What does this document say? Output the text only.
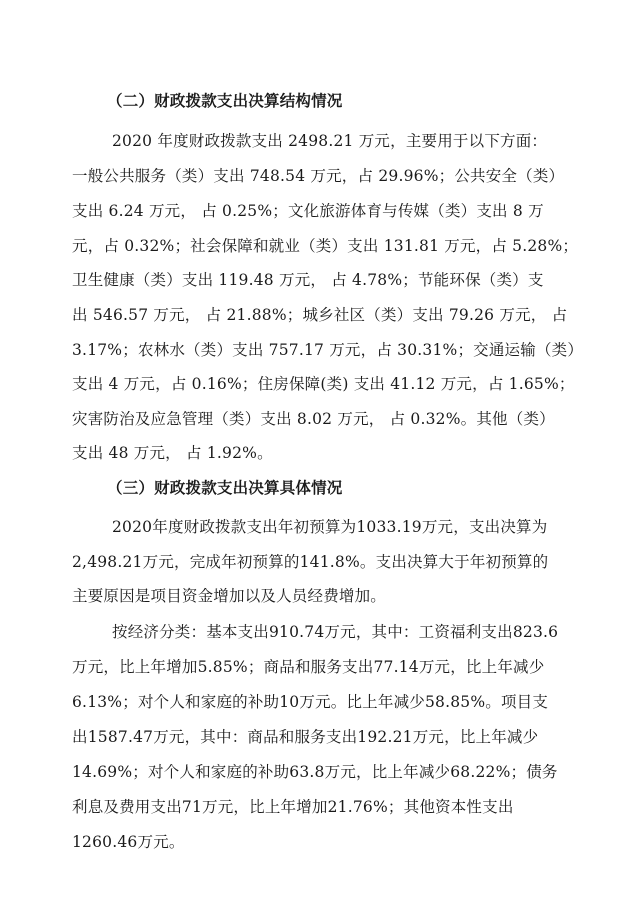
（二）财政拨款支出决算结构情况
2020 年度财政拨款支出 2498.21 万元，主要用于以下方面：
一般公共服务（类）支出 748.54 万元，占 29.96%；公共安全（类）
支出 6.24 万元， 占 0.25%；文化旅游体育与传媒（类）支出 8 万
元，占 0.32%；社会保障和就业（类）支出 131.81 万元，占 5.28%；
卫生健康（类）支出 119.48 万元， 占 4.78%；节能环保（类）支
出 546.57 万元， 占 21.88%；城乡社区（类）支出 79.26 万元， 占
3.17%；农林水（类）支出 757.17 万元，占 30.31%；交通运输（类）
支出 4 万元，占 0.16%；住房保障(类) 支出 41.12 万元，占 1.65%；
灾害防治及应急管理（类）支出 8.02 万元， 占 0.32%。其他（类）
支出 48 万元， 占 1.92%。
（三）财政拨款支出决算具体情况
2020年度财政拨款支出年初预算为1033.19万元，支出决算为
2,498.21万元，完成年初预算的141.8%。支出决算大于年初预算的
主要原因是项目资金增加以及人员经费增加。
按经济分类：基本支出910.74万元，其中：工资福利支出823.6
万元，比上年增加5.85%；商品和服务支出77.14万元，比上年减少
6.13%；对个人和家庭的补助10万元。比上年减少58.85%。项目支
出1587.47万元，其中：商品和服务支出192.21万元，比上年减少
14.69%；对个人和家庭的补助63.8万元，比上年减少68.22%；债务
利息及费用支出71万元，比上年增加21.76%；其他资本性支出
1260.46万元。
